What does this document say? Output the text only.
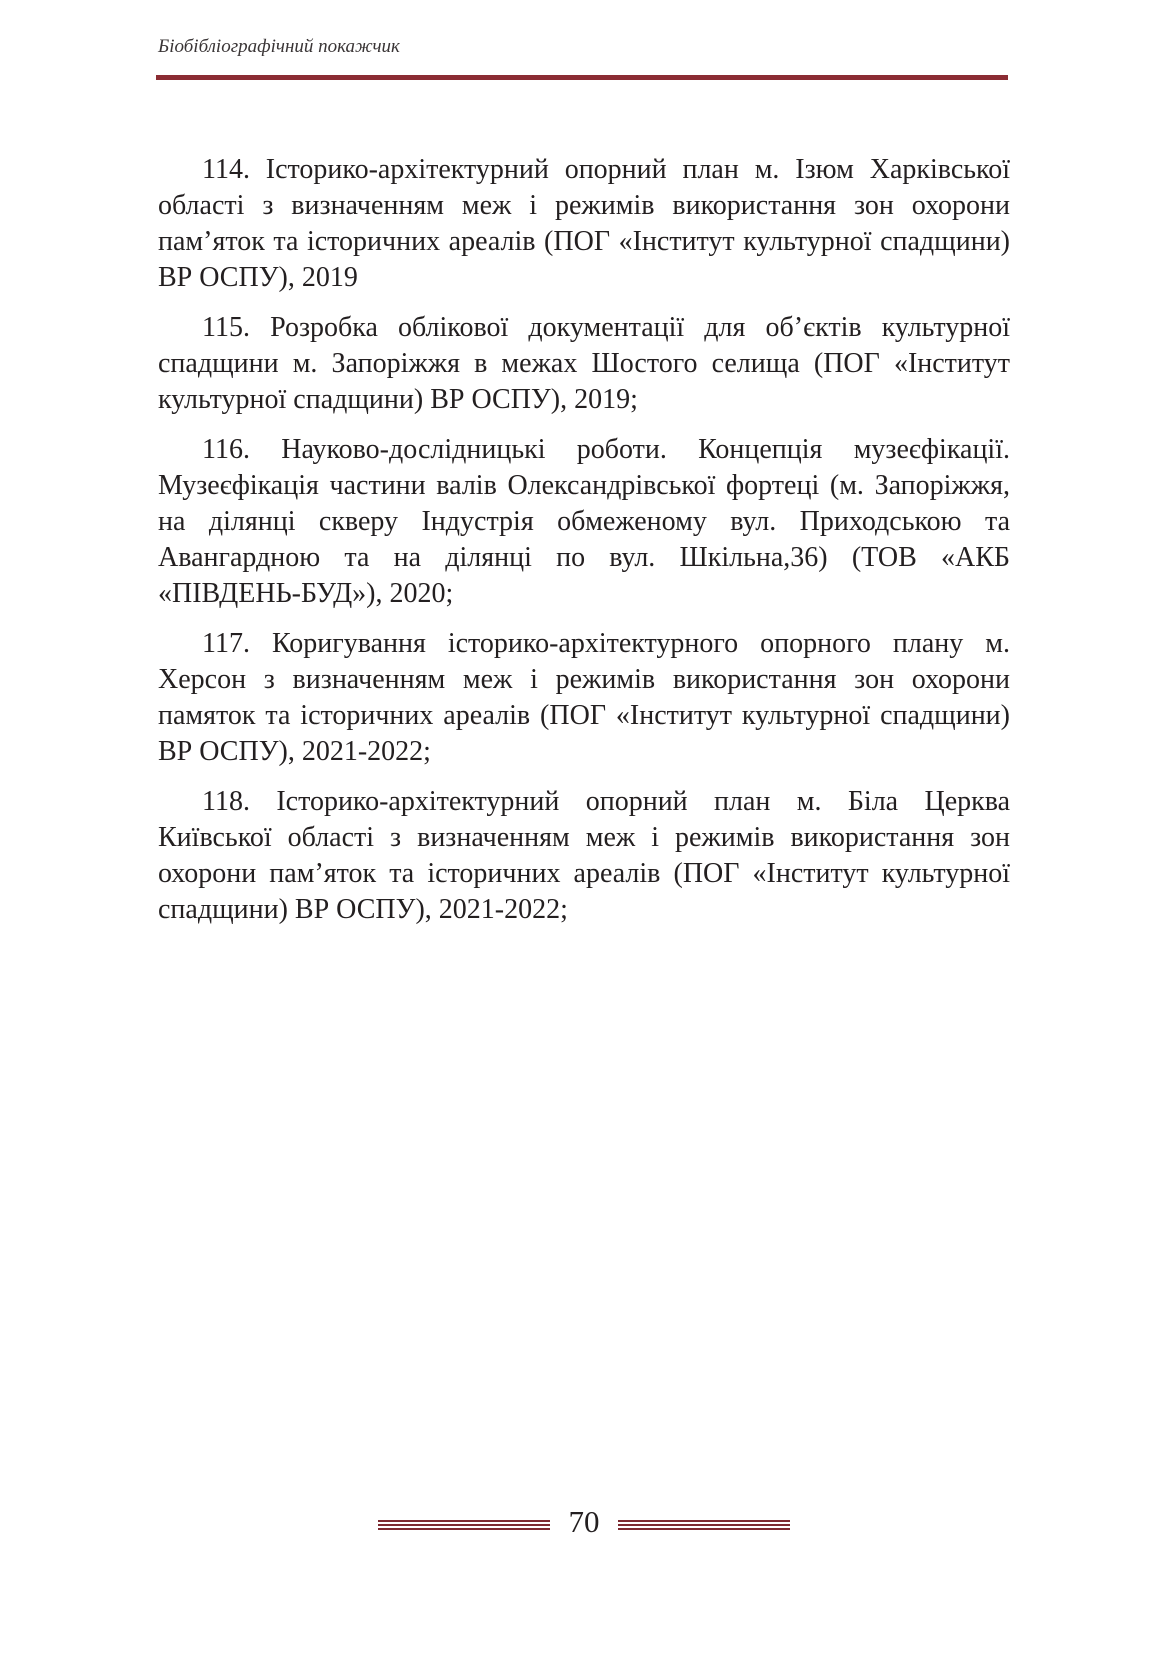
Біобібліографічний покажчик

114. Історико-архітектурний опорний план м. Ізюм Харківської області з визначенням меж і режимів використання зон охорони пам’яток та історичних ареалів (ПОГ «Інститут культурної спадщини) ВР ОСПУ), 2019

115. Розробка облікової документації для об’єктів культурної спадщини м. Запоріжжя в межах Шостого селища (ПОГ «Інститут культурної спадщини) ВР ОСПУ), 2019;

116. Науково-дослідницькі роботи. Концепція музеєфікації. Музеєфікація частини валів Олександрівської фортеці (м. Запоріжжя, на ділянці скверу Індустрія обмеженому вул. Приходською та Авангардною та на ділянці по вул. Шкільна,36) (ТОВ «АКБ «ПІВДЕНЬ-БУД»), 2020;

117. Коригування історико-архітектурного опорного плану м. Херсон з визначенням меж і режимів використання зон охорони памяток та історичних ареалів (ПОГ «Інститут культурної спадщини) ВР ОСПУ), 2021-2022;

118. Історико-архітектурний опорний план м. Біла Церква Київської області з визначенням меж і режимів використання зон охорони пам’яток та історичних ареалів (ПОГ «Інститут культурної спадщини) ВР ОСПУ), 2021-2022;

70
